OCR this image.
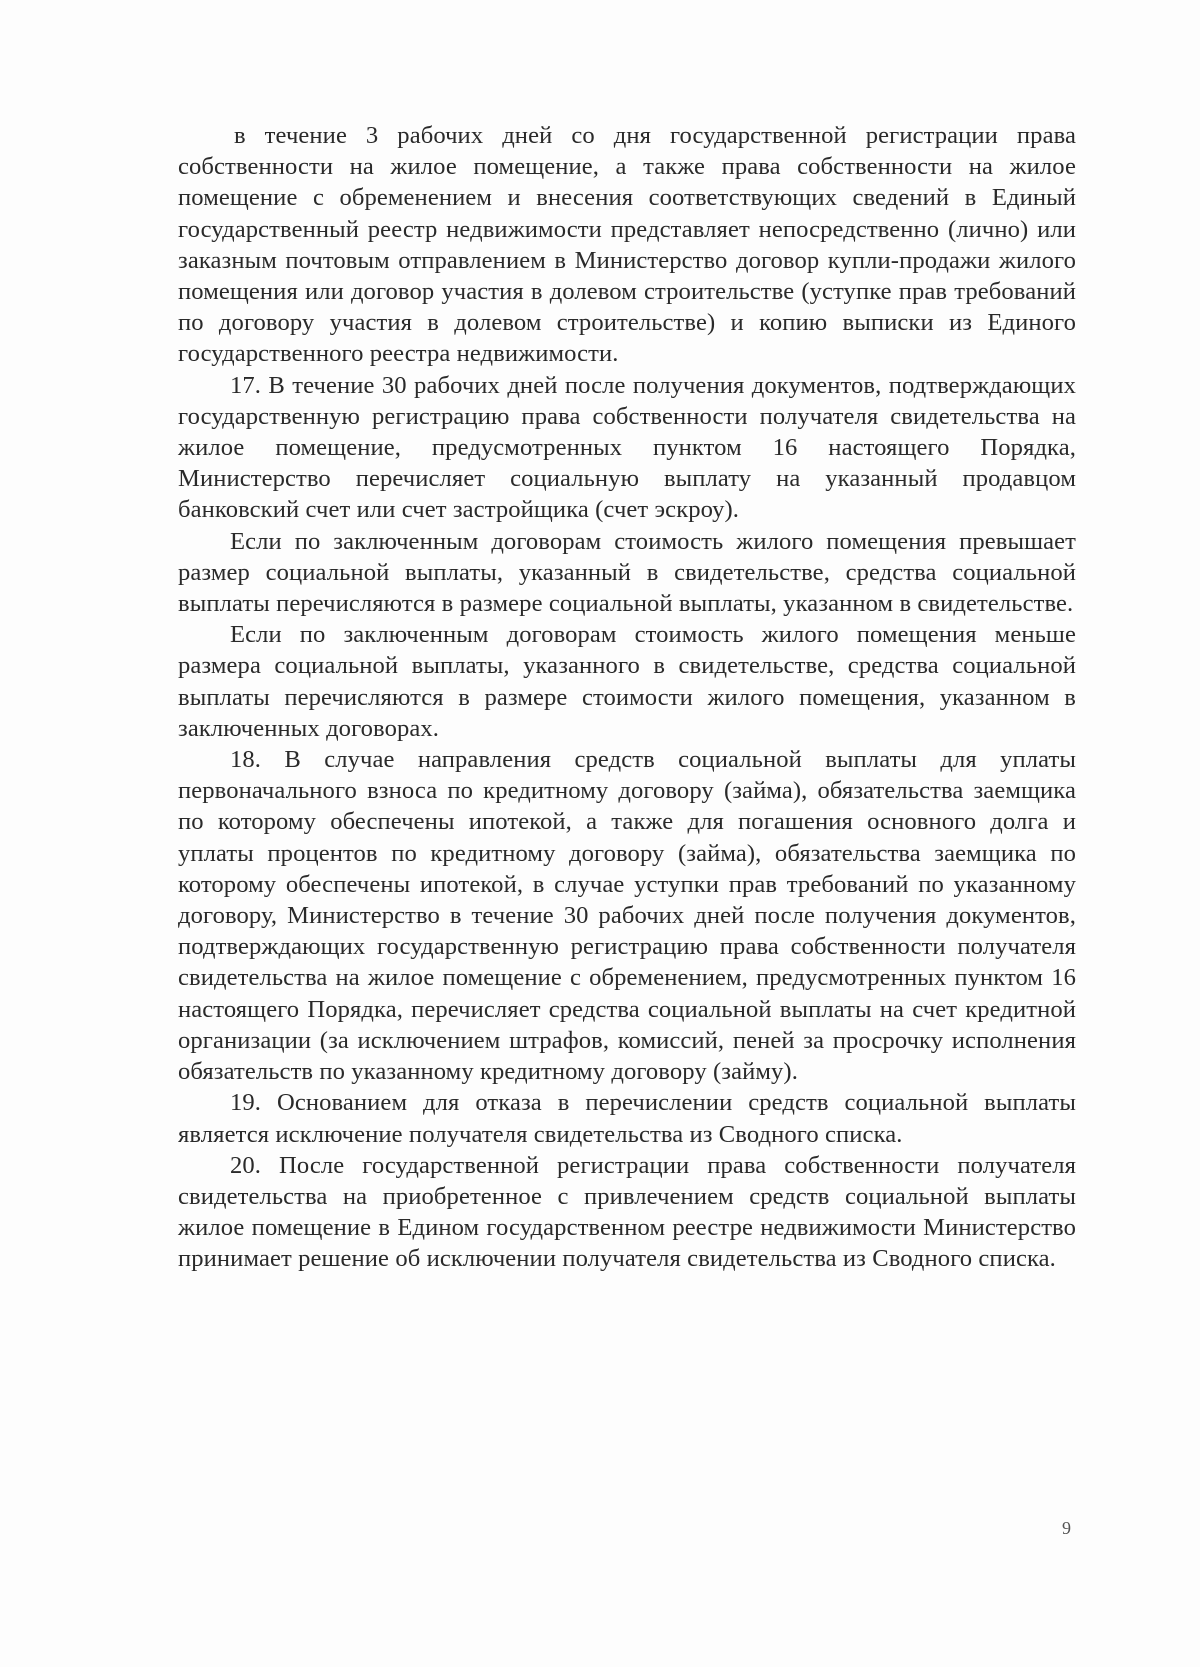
в течение 3 рабочих дней со дня государственной регистрации права собственности на жилое помещение, а также права собственности на жилое помещение с обременением и внесения соответствующих сведений в Единый государственный реестр недвижимости представляет непосредственно (лично) или заказным почтовым отправлением в Министерство договор купли-продажи жилого помещения или договор участия в долевом строительстве (уступке прав требований по договору участия в долевом строительстве) и копию выписки из Единого государственного реестра недвижимости.

17. В течение 30 рабочих дней после получения документов, подтверждающих государственную регистрацию права собственности получателя свидетельства на жилое помещение, предусмотренных пунктом 16 настоящего Порядка, Министерство перечисляет социальную выплату на указанный продавцом банковский счет или счет застройщика (счет эскроу).

Если по заключенным договорам стоимость жилого помещения превышает размер социальной выплаты, указанный в свидетельстве, средства социальной выплаты перечисляются в размере социальной выплаты, указанном в свидетельстве.

Если по заключенным договорам стоимость жилого помещения меньше размера социальной выплаты, указанного в свидетельстве, средства социальной выплаты перечисляются в размере стоимости жилого помещения, указанном в заключенных договорах.

18. В случае направления средств социальной выплаты для уплаты первоначального взноса по кредитному договору (займа), обязательства заемщика по которому обеспечены ипотекой, а также для погашения основного долга и уплаты процентов по кредитному договору (займа), обязательства заемщика по которому обеспечены ипотекой, в случае уступки прав требований по указанному договору, Министерство в течение 30 рабочих дней после получения документов, подтверждающих государственную регистрацию права собственности получателя свидетельства на жилое помещение с обременением, предусмотренных пунктом 16 настоящего Порядка, перечисляет средства социальной выплаты на счет кредитной организации (за исключением штрафов, комиссий, пеней за просрочку исполнения обязательств по указанному кредитному договору (займу).

19. Основанием для отказа в перечислении средств социальной выплаты является исключение получателя свидетельства из Сводного списка.

20. После государственной регистрации права собственности получателя свидетельства на приобретенное с привлечением средств социальной выплаты жилое помещение в Едином государственном реестре недвижимости Министерство принимает решение об исключении получателя свидетельства из Сводного списка.

9
